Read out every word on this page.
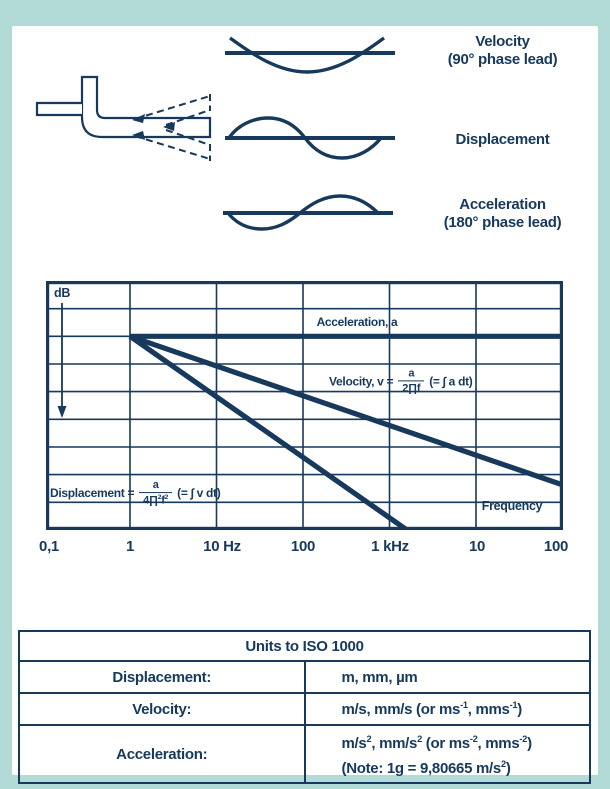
Velocity
(90° phase lead)
Displacement
Acceleration
(180° phase lead)
dB
Acceleration, a
Velocity, $v = \frac{a}{2\prod f}$ (= ∫ a dt)
Displacement = $\frac{a}{4\prod^2f^2}$ (= ∫ v dt)
Frequency
0,1	1	10 Hz	100	1 kHz	10	100
Units to ISO 1000	
Displacement:	m, mm, µm
Velocity:	m/s, mm/s (or $ms^{-1}$, mms$^{-1}$)
Acceleration:	$m/s^2$, $mm/s^2$ (or $ms^{-2}$, mms$^{-2}$)
(Note: 1g = 9,80665 $m/s^2$)
